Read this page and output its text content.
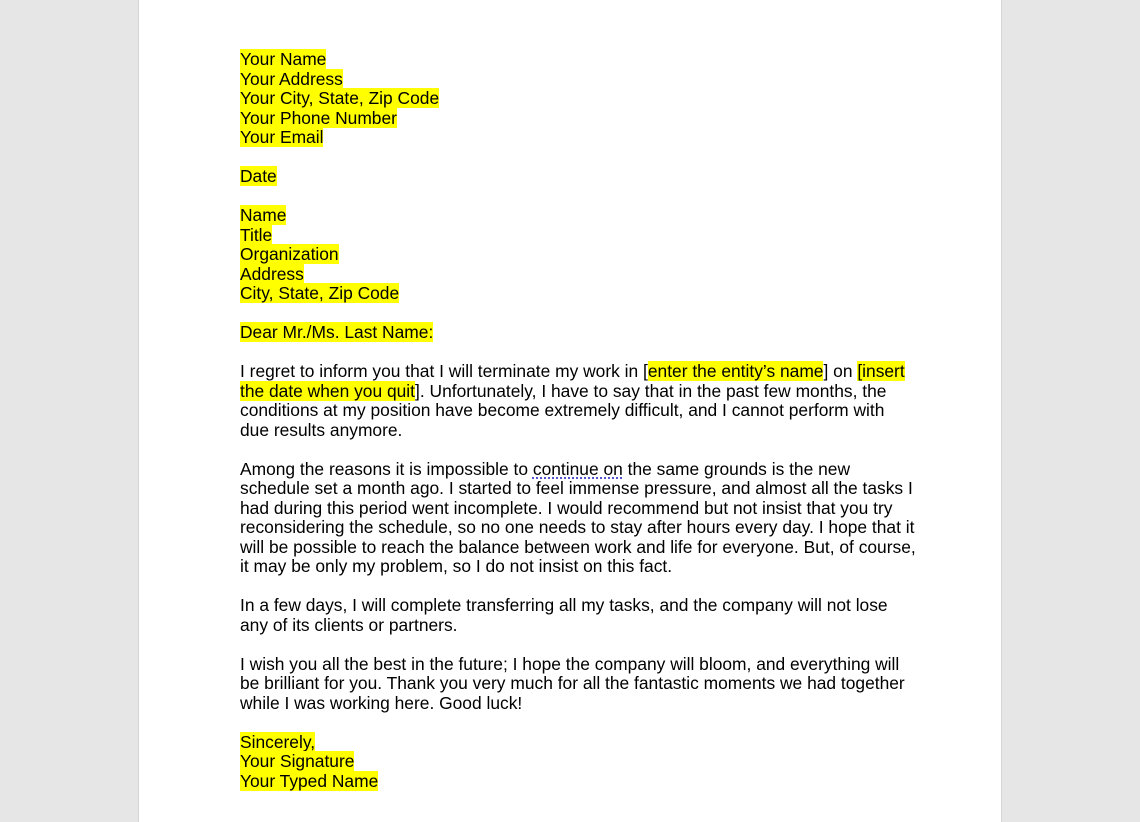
Your Name
Your Address
Your City, State, Zip Code
Your Phone Number
Your Email
Date
Name
Title
Organization
Address
City, State, Zip Code
Dear Mr./Ms. Last Name:
I regret to inform you that I will terminate my work in [enter the entity’s name] on [insert
the date when you quit]. Unfortunately, I have to say that in the past few months, the
conditions at my position have become extremely difficult, and I cannot perform with
due results anymore.
Among the reasons it is impossible to continue on the same grounds is the new
schedule set a month ago. I started to feel immense pressure, and almost all the tasks I
had during this period went incomplete. I would recommend but not insist that you try
reconsidering the schedule, so no one needs to stay after hours every day. I hope that it
will be possible to reach the balance between work and life for everyone. But, of course,
it may be only my problem, so I do not insist on this fact.
In a few days, I will complete transferring all my tasks, and the company will not lose
any of its clients or partners.
I wish you all the best in the future; I hope the company will bloom, and everything will
be brilliant for you. Thank you very much for all the fantastic moments we had together
while I was working here. Good luck!
Sincerely,
Your Signature
Your Typed Name
